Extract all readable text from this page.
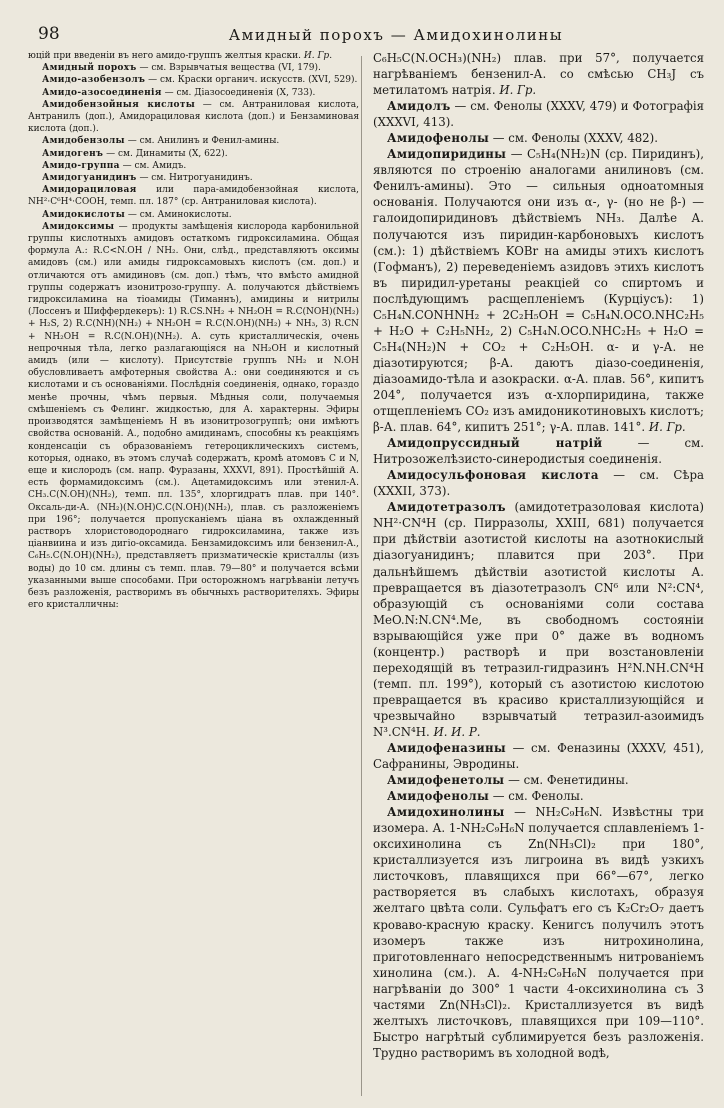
98	Амидный порохъ — Амидохинолины

юцій при введеніи въ него амидо-группъ желтыя краски. И. Гр.

Амидный порохъ — см. Взрывчатыя вещества (VI, 179).

Амидо-азобензолъ — см. Краски органич. искусств. (XVI, 529).

Амидо-азосоединенія — см. Діазосоединенія (X, 733).

Амидобензойныя кислоты — см. Антраниловая кислота, Антранилъ (доп.), Амидорациловая кислота (доп.) и Бензаминовая кислота (доп.).

Амидобензолы — см. Анилинъ и Фенил-амины.

Амидогенъ — см. Динамиты (X, 622).

Амидо-группа — см. Амидъ.

Амидогуанидинъ — см. Нитрогуанидинъ.

Амидорациловая или пара-амидобензойная кислота, NH²·C⁶H⁴·COOH, темп. пл. 187° (ср. Антраниловая кислота).

Амидокислоты — см. Аминокислоты.

Амидоксимы — продукты замѣщенія кислорода карбонильной группы кислотныхъ амидовъ остаткомъ гидроксиламина. Общая формула А.: R.C<N.OH / NH₂. Они, слѣд., представляютъ оксимы амидовъ (см.) или амиды гидроксамовыхъ кислотъ (см. доп.) и отличаются отъ амидиновъ (см. доп.) тѣмъ, что вмѣсто амидной группы содержатъ изонитрозо-группу. А. получаются дѣйствіемъ гидроксиламина на тіоамиды (Тиманнъ), амидины и нитрилы (Лоссенъ и Шиффердекеръ): 1) R.CS.NH₂ + NH₂OH = R.C(NOH)(NH₂) + H₂S, 2) R.C(NH)(NH₂) + NH₂OH = R.C(N.OH)(NH₂) + NH₃, 3) R.CN + NH₂OH = R.C(N.OH)(NH₂). А. суть кристаллическія, очень непрочныя тѣла, легко разлагающіяся на NH₂OH и кислотный амидъ (или — кислоту). Присутствіе группъ NH₂ и N.OH обусловливаетъ амфотерныя свойства А.: они соединяются и съ кислотами и съ основаніями. Послѣднія соединенія, однако, гораздо менѣе прочны, чѣмъ первыя. Мѣдныя соли, получаемыя смѣшеніемъ съ Фелинг. жидкостью, для А. характерны. Эфиры производятся замѣщеніемъ Н въ изонитрозогруппѣ; они имѣютъ свойства основаній. А., подобно амидинамъ, способны къ реакціямъ конденсаціи съ образованіемъ гетероциклическихъ системъ, которыя, однако, въ этомъ случаѣ содержатъ, кромѣ атомовъ С и N, еще и кислородъ (см. напр. Фуразаны, XXXVI, 891). Простѣйшій А. есть формамидоксимъ (см.). Ацетамидоксимъ или этенил-А. CH₃.C(N.OH)(NH₂), темп. пл. 135°, хлоргидратъ плав. при 140°. Оксаль-ди-А. (NH₂)(N.OH)C.C(N.OH)(NH₂), плав. съ разложеніемъ при 196°; получается пропусканіемъ ціана въ охлажденный растворъ хлористоводороднаго гидроксиламина, также изъ ціанвиина и изъ дигіо-оксамида. Бензамидоксимъ или бензенил-А., C₆H₅.C(N.OH)(NH₂), представляетъ призматическіе кристаллы (изъ воды) до 10 см. длины съ темп. плав. 79—80° и получается всѣми указанными выше способами. При осторожномъ нагрѣваніи летучъ безъ разложенія, растворимъ въ обычныхъ растворителяхъ. Эфиры его кристалличны:

C₆H₅C(N.OCH₃)(NH₂) плав. при 57°, получается нагрѣваніемъ бензенил-А. со смѣсью CH₃J съ метилатомъ натрія. И. Гр.

Амидолъ — см. Фенолы (XXXV, 479) и Фотографія (XXXVI, 413).

Амидофенолы — см. Фенолы (XXXV, 482).

Амидопиридины — C₅H₄(NH₂)N (ср. Пиридинъ), являются по строенію аналогами анилиновъ (см. Фенилъ-амины). Это — сильныя одноатомныя основанія. Получаются они изъ α-, γ- (но не β-) — галоидопиридиновъ дѣйствіемъ NH₃. Далѣе А. получаются изъ пиридин-карбоновыхъ кислотъ (см.): 1) дѣйствіемъ KOBr на амиды этихъ кислотъ (Гофманъ), 2) переведеніемъ азидовъ этихъ кислотъ въ пиридил-уретаны реакціей со спиртомъ и послѣдующимъ расщепленіемъ (Курціусъ): 1) C₅H₄N.CONHNH₂ + 2C₂H₅OH = C₅H₄N.OCO.NHC₂H₅ + H₂O + C₂H₅NH₂, 2) C₅H₄N.OCO.NHC₂H₅ + H₂O = C₅H₄(NH₂)N + CO₂ + C₂H₅OH. α- и γ-А. не діазотируются; β-А. даютъ діазо-соединенія, діазоамидо-тѣла и азокраски. α-А. плав. 56°, кипитъ 204°, получается изъ α-хлорпиридина, также отщепленіемъ CO₂ изъ амидоникотиновыхъ кислотъ; β-А. плав. 64°, кипитъ 251°; γ-А. плав. 141°. И. Гр.

Амидопруссидный натрій	— см. Нитрозожелѣзисто-синеродистыя соединенія.

Амидосульфоновая кислота — см. Сѣра (XXXII, 373).

Амидотетразолъ (амидотетразоловая кислота) NH²·CN⁴H (ср. Пирразолы, XXIII, 681) получается при дѣйствіи азотистой кислоты на азотнокислый діазогуанидинъ; плавится при 203°. При дальнѣйшемъ дѣйствіи азотистой кислоты А. превращается въ діазотетразолъ CN⁶ или N²:CN⁴, образующій съ основаніями соли состава MeO.N:N.CN⁴.Me, въ свободномъ состояніи взрывающійся уже при 0° даже въ водномъ (концентр.) растворѣ и при возстановленіи переходящій въ тетразил-гидразинъ H²N.NH.CN⁴H (темп. пл. 199°), который съ азотистою кислотою превращается въ красиво кристаллизующійся и чрезвычайно взрывчатый тетразил-азоимидъ N³.CN⁴H. И. И. Р.

Амидофеназины — см. Феназины (XXXV, 451), Сафранины, Эвродины.

Амидофенетолы — см. Фенетидины.

Амидофенолы — см. Фенолы.

Амидохинолины — NH₂C₉H₆N. Извѣстны три изомера. А. 1-NH₂C₉H₆N получается сплавленіемъ 1-оксихинолина съ Zn(NH₃Cl)₂ при 180°, кристаллизуется изъ лигроина въ видѣ узкихъ листочковъ, плавящихся при 66°—67°, легко растворяется въ слабыхъ кислотахъ, образуя желтаго цвѣта соли. Сульфатъ его съ K₂Cr₂O₇ даетъ кроваво-красную краску. Кенигсъ получилъ этотъ изомеръ также изъ нитрохинолина, приготовленнаго непосредственнымъ нитрованіемъ хинолина (см.). А. 4-NH₂C₉H₆N получается при нагрѣваніи до 300° 1 части 4-оксихинолина съ 3 частями Zn(NH₃Cl)₂. Кристаллизуется въ видѣ желтыхъ листочковъ, плавящихся при 109—110°. Быстро нагрѣтый сублимируется безъ разложенія. Трудно растворимъ въ холодной водѣ,
